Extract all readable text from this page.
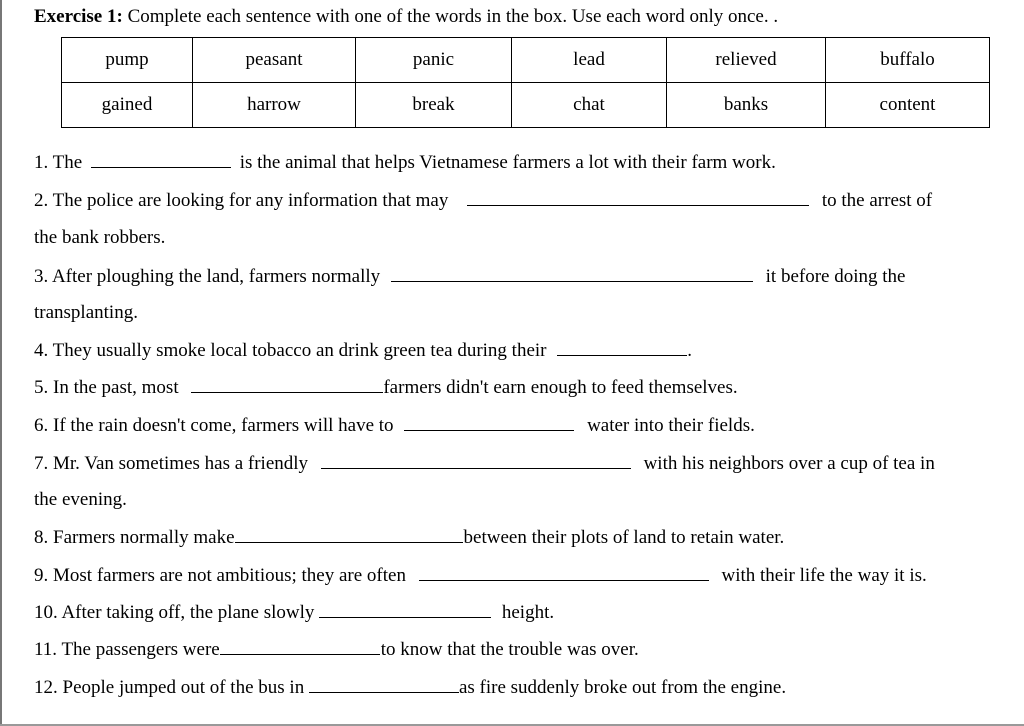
Exercise 1: Complete each sentence with one of the words in the box. Use each word only once. .
pump	peasant	panic	lead	relieved	buffalo
gained	harrow	break	chat	banks	content
1. The	is the animal that helps Vietnamese farmers a lot with their farm work.
2. The police are looking for any information that may	to the arrest of
the bank robbers.
3. After ploughing the land, farmers normally	it before doing the
transplanting.
4. They usually smoke local tobacco an drink green tea during their	.
5. In the past, most	farmers didn't earn enough to feed themselves.
6. If the rain doesn't come, farmers will have to	water into their fields.
7. Mr. Van sometimes has a friendly	with his neighbors over a cup of tea in
the evening.
8. Farmers normally make	between their plots of land to retain water.
9. Most farmers are not ambitious; they are often	with their life the way it is.
10. After taking off, the plane slowly	height.
11. The passengers were	to know that the trouble was over.
12. People jumped out of the bus in	as fire suddenly broke out from the engine.
